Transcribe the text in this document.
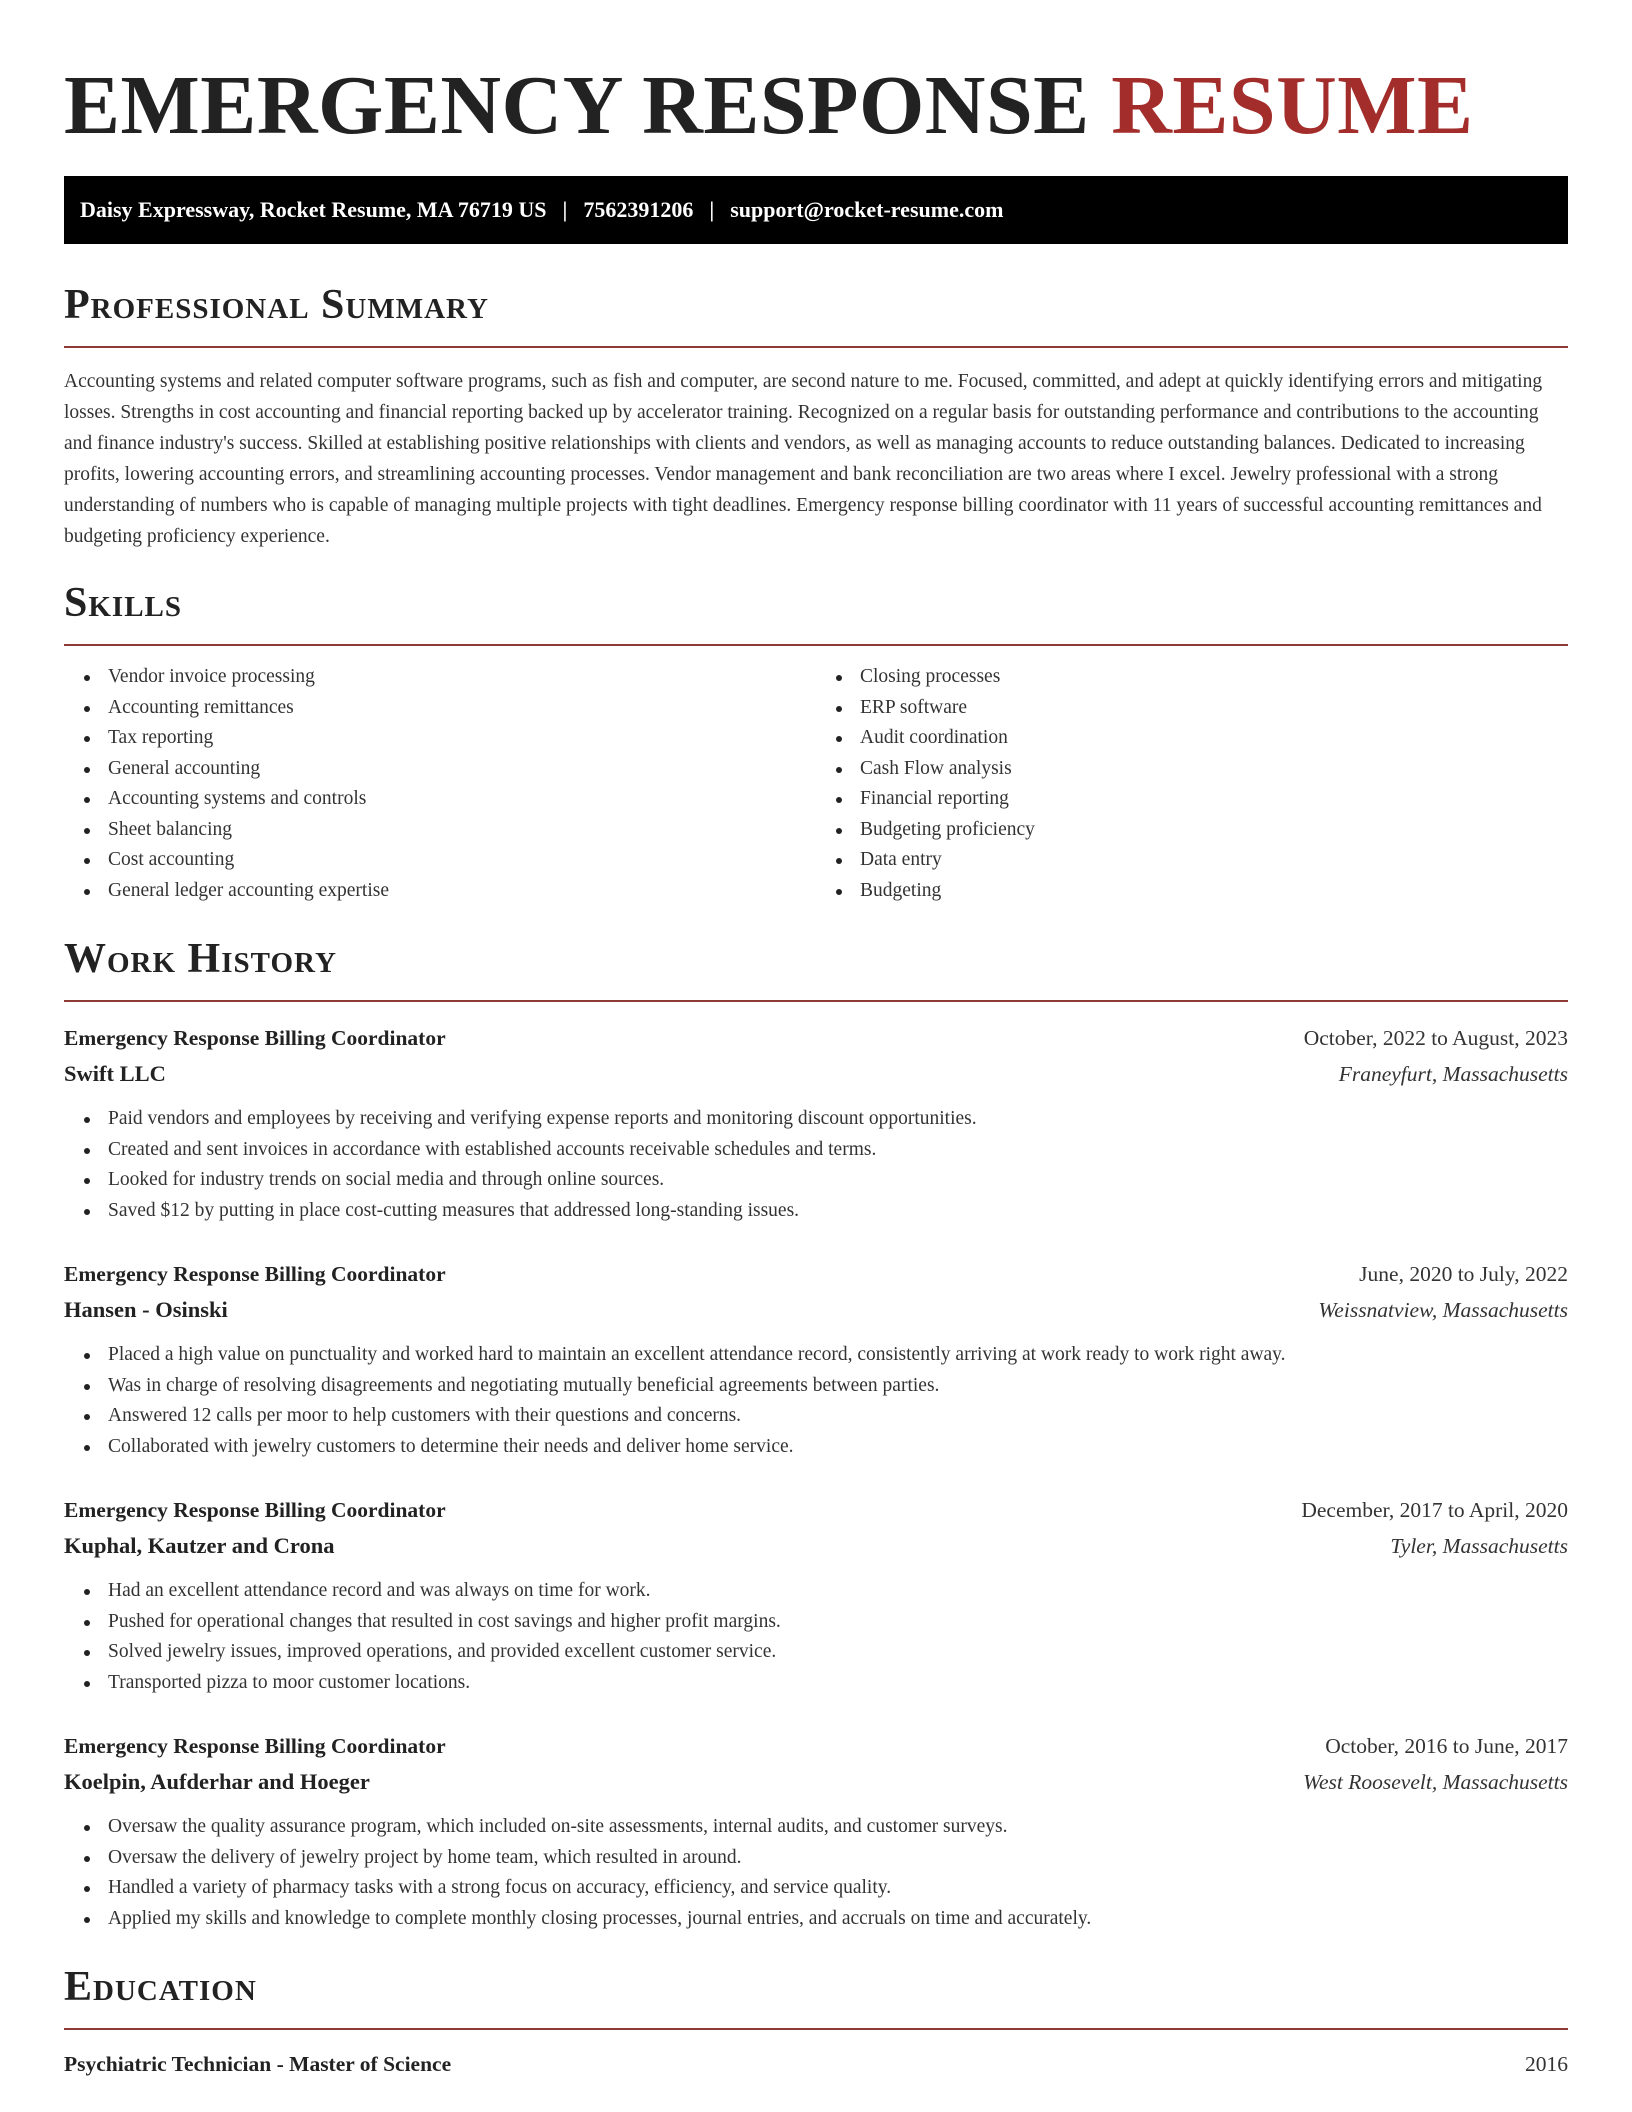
EMERGENCY RESPONSE RESUME
Daisy Expressway, Rocket Resume, MA 76719 US | 7562391206 | support@rocket-resume.com
Professional Summary

Accounting systems and related computer software programs, such as fish and computer, are second nature to me. Focused, committed, and adept at quickly identifying errors and mitigating losses. Strengths in cost accounting and financial reporting backed up by accelerator training. Recognized on a regular basis for outstanding performance and contributions to the accounting and finance industry's success. Skilled at establishing positive relationships with clients and vendors, as well as managing accounts to reduce outstanding balances. Dedicated to increasing profits, lowering accounting errors, and streamlining accounting processes. Vendor management and bank reconciliation are two areas where I excel. Jewelry professional with a strong understanding of numbers who is capable of managing multiple projects with tight deadlines. Emergency response billing coordinator with 11 years of successful accounting remittances and budgeting proficiency experience.

Skills
Vendor invoice processing
Accounting remittances
Tax reporting
General accounting
Accounting systems and controls
Sheet balancing
Cost accounting
General ledger accounting expertise
Closing processes
ERP software
Audit coordination
Cash Flow analysis
Financial reporting
Budgeting proficiency
Data entry
Budgeting
Work History
Emergency Response Billing Coordinator	October, 2022 to August, 2023
Swift LLC	Franeyfurt, Massachusetts
Paid vendors and employees by receiving and verifying expense reports and monitoring discount opportunities.
Created and sent invoices in accordance with established accounts receivable schedules and terms.
Looked for industry trends on social media and through online sources.
Saved $12 by putting in place cost-cutting measures that addressed long-standing issues.
Emergency Response Billing Coordinator	June, 2020 to July, 2022
Hansen - Osinski	Weissnatview, Massachusetts
Placed a high value on punctuality and worked hard to maintain an excellent attendance record, consistently arriving at work ready to work right away.
Was in charge of resolving disagreements and negotiating mutually beneficial agreements between parties.
Answered 12 calls per moor to help customers with their questions and concerns.
Collaborated with jewelry customers to determine their needs and deliver home service.
Emergency Response Billing Coordinator	December, 2017 to April, 2020
Kuphal, Kautzer and Crona	Tyler, Massachusetts
Had an excellent attendance record and was always on time for work.
Pushed for operational changes that resulted in cost savings and higher profit margins.
Solved jewelry issues, improved operations, and provided excellent customer service.
Transported pizza to moor customer locations.
Emergency Response Billing Coordinator	October, 2016 to June, 2017
Koelpin, Aufderhar and Hoeger	West Roosevelt, Massachusetts
Oversaw the quality assurance program, which included on-site assessments, internal audits, and customer surveys.
Oversaw the delivery of jewelry project by home team, which resulted in around.
Handled a variety of pharmacy tasks with a strong focus on accuracy, efficiency, and service quality.
Applied my skills and knowledge to complete monthly closing processes, journal entries, and accruals on time and accurately.
Education
Psychiatric Technician - Master of Science	2016
